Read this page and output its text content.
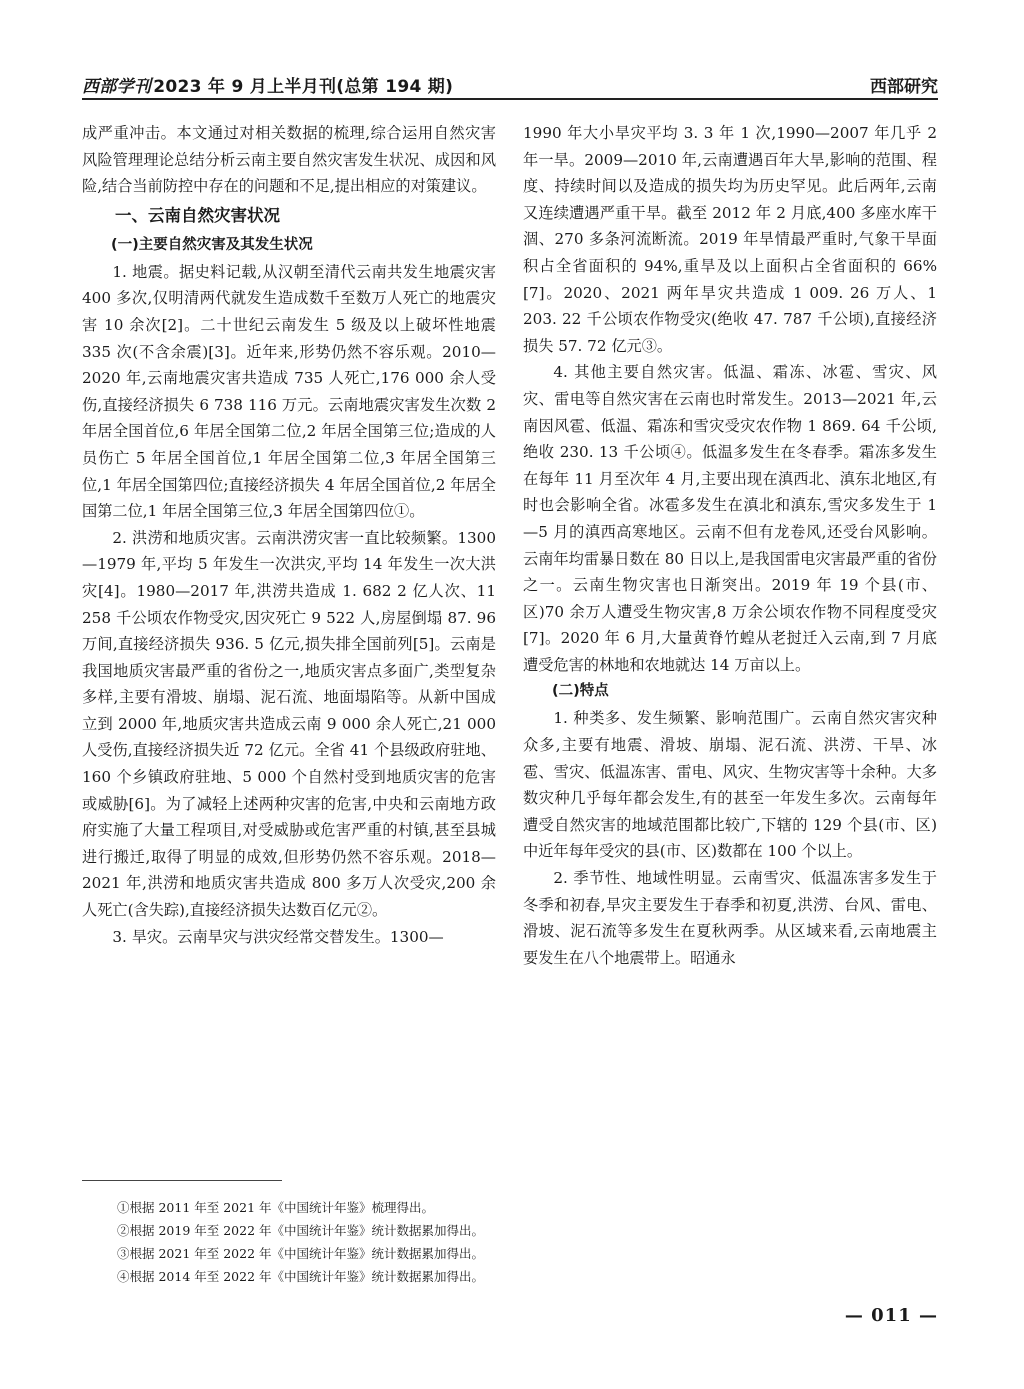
西部学刊 2023 年 9 月上半月刊(总第 194 期)	西部研究

成严重冲击。本文通过对相关数据的梳理,综合运用自然灾害风险管理理论总结分析云南主要自然灾害发生状况、成因和风险,结合当前防控中存在的问题和不足,提出相应的对策建议。

一、云南自然灾害状况

(一)主要自然灾害及其发生状况

1. 地震。据史料记载,从汉朝至清代云南共发生地震灾害 400 多次,仅明清两代就发生造成数千至数万人死亡的地震灾害 10 余次[2]。二十世纪云南发生 5 级及以上破坏性地震 335 次(不含余震)[3]。近年来,形势仍然不容乐观。2010—2020 年,云南地震灾害共造成 735 人死亡,176 000 余人受伤,直接经济损失 6 738 116 万元。云南地震灾害发生次数 2 年居全国首位,6 年居全国第二位,2 年居全国第三位;造成的人员伤亡 5 年居全国首位,1 年居全国第二位,3 年居全国第三位,1 年居全国第四位;直接经济损失 4 年居全国首位,2 年居全国第二位,1 年居全国第三位,3 年居全国第四位①。

2. 洪涝和地质灾害。云南洪涝灾害一直比较频繁。1300—1979 年,平均 5 年发生一次洪灾,平均 14 年发生一次大洪灾[4]。1980—2017 年,洪涝共造成 1. 682 2 亿人次、11 258 千公顷农作物受灾,因灾死亡 9 522 人,房屋倒塌 87. 96 万间,直接经济损失 936. 5 亿元,损失排全国前列[5]。云南是我国地质灾害最严重的省份之一,地质灾害点多面广,类型复杂多样,主要有滑坡、崩塌、泥石流、地面塌陷等。从新中国成立到 2000 年,地质灾害共造成云南 9 000 余人死亡,21 000 人受伤,直接经济损失近 72 亿元。全省 41 个县级政府驻地、160 个乡镇政府驻地、5 000 个自然村受到地质灾害的危害或威胁[6]。为了减轻上述两种灾害的危害,中央和云南地方政府实施了大量工程项目,对受威胁或危害严重的村镇,甚至县城进行搬迁,取得了明显的成效,但形势仍然不容乐观。2018—2021 年,洪涝和地质灾害共造成 800 多万人次受灾,200 余人死亡(含失踪),直接经济损失达数百亿元②。

3. 旱灾。云南旱灾与洪灾经常交替发生。1300—

1990 年大小旱灾平均 3. 3 年 1 次,1990—2007 年几乎 2 年一旱。2009—2010 年,云南遭遇百年大旱,影响的范围、程度、持续时间以及造成的损失均为历史罕见。此后两年,云南又连续遭遇严重干旱。截至 2012 年 2 月底,400 多座水库干涸、270 多条河流断流。2019 年旱情最严重时,气象干旱面积占全省面积的 94%,重旱及以上面积占全省面积的 66%[7]。2020、2021 两年旱灾共造成 1 009. 26 万人、1 203. 22 千公顷农作物受灾(绝收 47. 787 千公顷),直接经济损失 57. 72 亿元③。

4. 其他主要自然灾害。低温、霜冻、冰雹、雪灾、风灾、雷电等自然灾害在云南也时常发生。2013—2021 年,云南因风雹、低温、霜冻和雪灾受灾农作物 1 869. 64 千公顷,绝收 230. 13 千公顷④。低温多发生在冬春季。霜冻多发生在每年 11 月至次年 4 月,主要出现在滇西北、滇东北地区,有时也会影响全省。冰雹多发生在滇北和滇东,雪灾多发生于 1—5 月的滇西高寒地区。云南不但有龙卷风,还受台风影响。云南年均雷暴日数在 80 日以上,是我国雷电灾害最严重的省份之一。云南生物灾害也日渐突出。2019 年 19 个县(市、区)70 余万人遭受生物灾害,8 万余公顷农作物不同程度受灾[7]。2020 年 6 月,大量黄脊竹蝗从老挝迁入云南,到 7 月底遭受危害的林地和农地就达 14 万亩以上。

(二)特点

1. 种类多、发生频繁、影响范围广。云南自然灾害灾种众多,主要有地震、滑坡、崩塌、泥石流、洪涝、干旱、冰雹、雪灾、低温冻害、雷电、风灾、生物灾害等十余种。大多数灾种几乎每年都会发生,有的甚至一年发生多次。云南每年遭受自然灾害的地域范围都比较广,下辖的 129 个县(市、区)中近年每年受灾的县(市、区)数都在 100 个以上。

2. 季节性、地域性明显。云南雪灾、低温冻害多发生于冬季和初春,旱灾主要发生于春季和初夏,洪涝、台风、雷电、滑坡、泥石流等多发生在夏秋两季。从区域来看,云南地震主要发生在八个地震带上。昭通永

①根据 2011 年至 2021 年《中国统计年鉴》梳理得出。
②根据 2019 年至 2022 年《中国统计年鉴》统计数据累加得出。
③根据 2021 年至 2022 年《中国统计年鉴》统计数据累加得出。
④根据 2014 年至 2022 年《中国统计年鉴》统计数据累加得出。
— 011 —
